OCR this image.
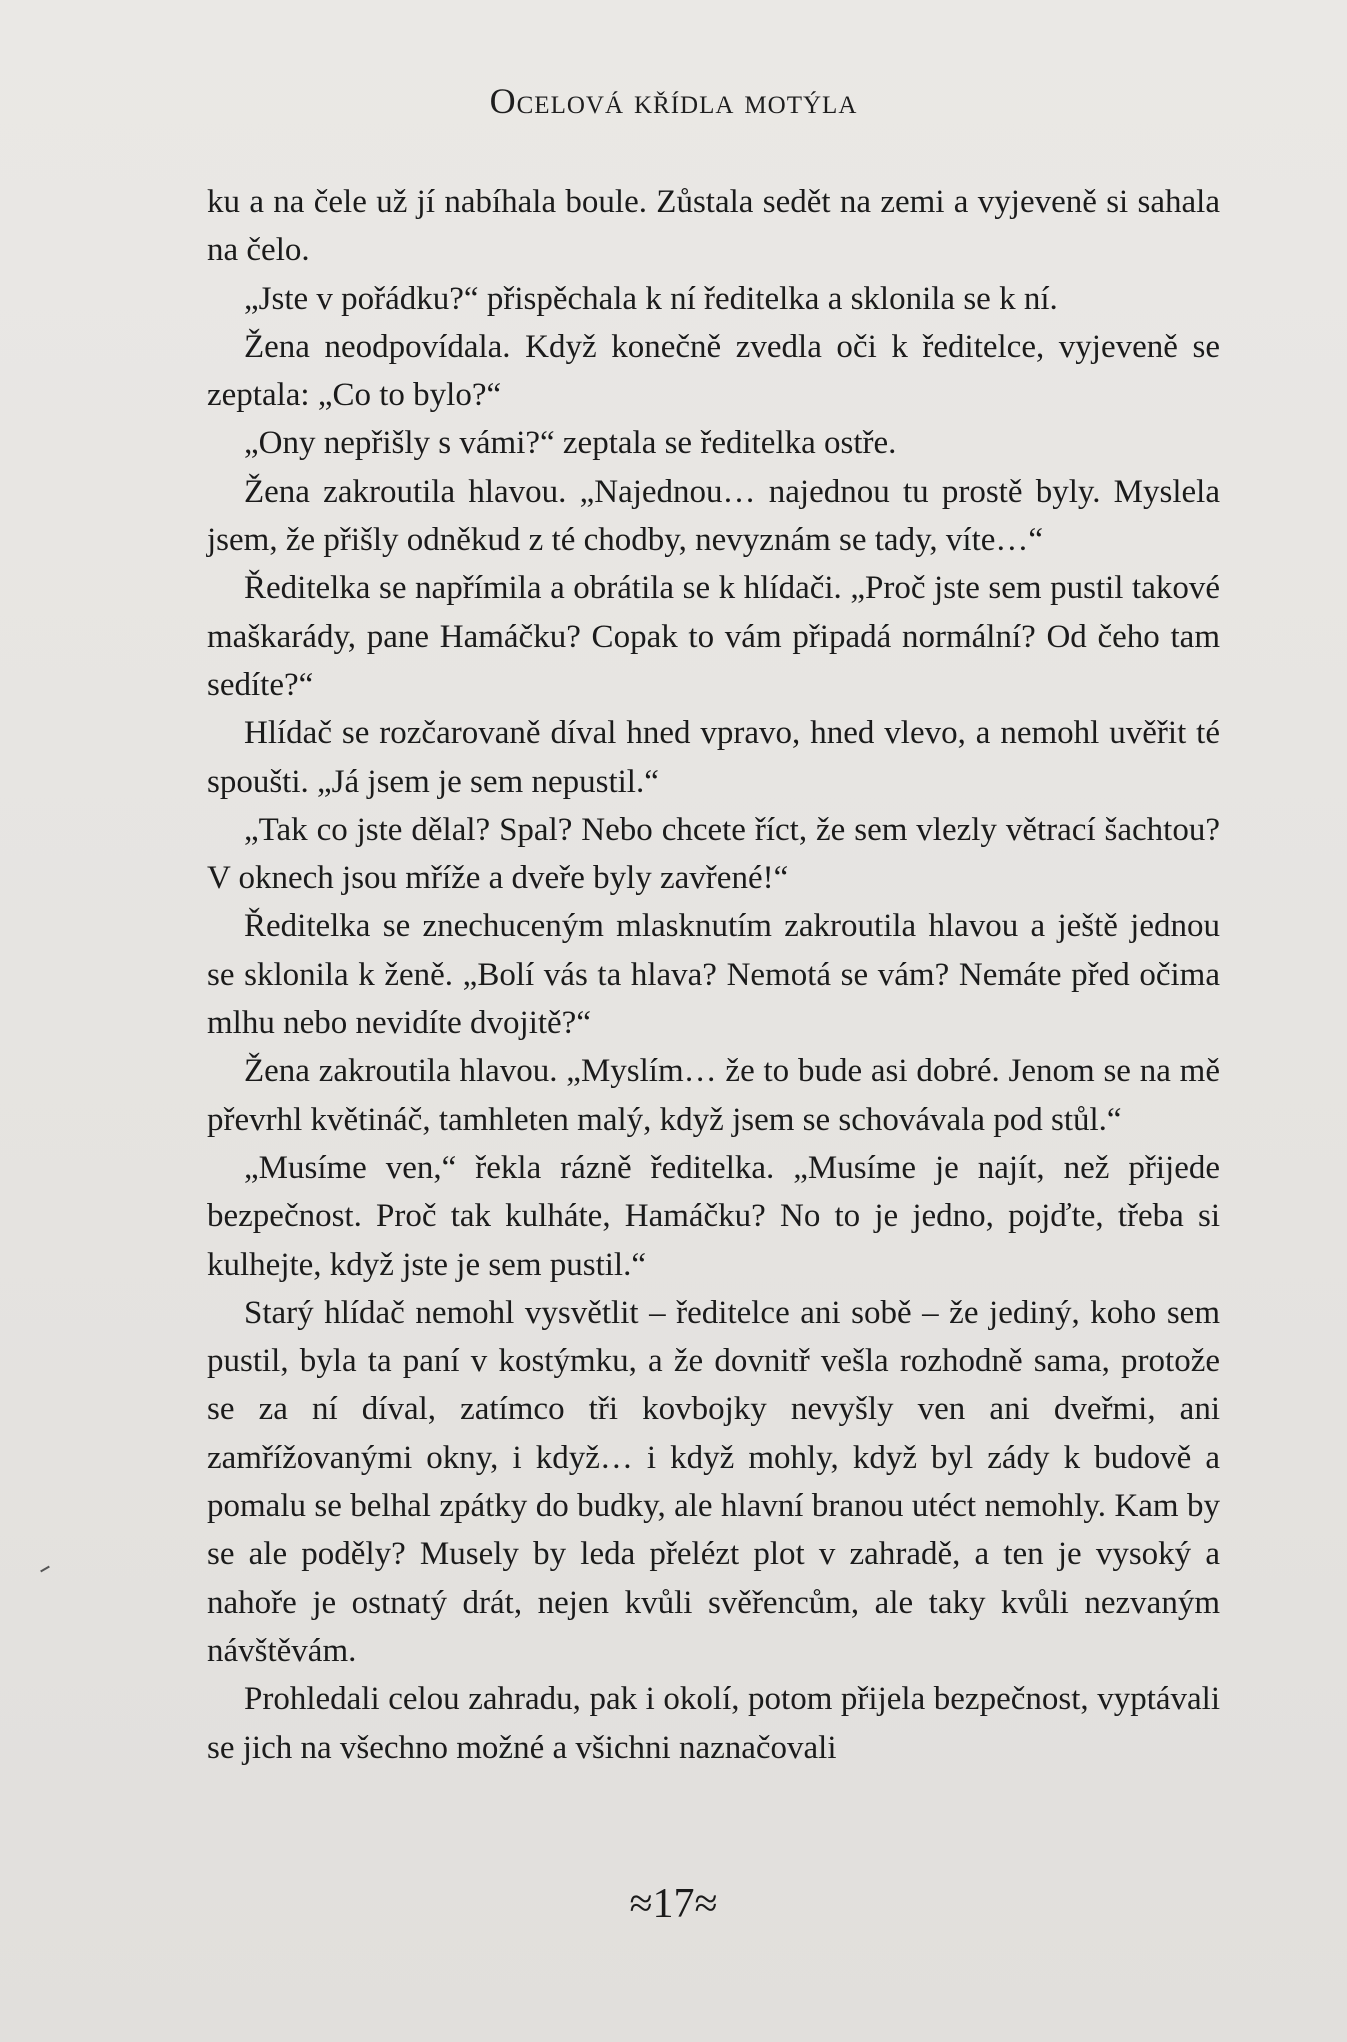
Ocelová křídla motýla

ku a na čele už jí nabíhala boule. Zůstala sedět na zemi a vyjeveně si sahala na čelo.

„Jste v pořádku?“ přispěchala k ní ředitelka a sklonila se k ní.

Žena neodpovídala. Když konečně zvedla oči k ředitelce, vyjeveně se zeptala: „Co to bylo?“

„Ony nepřišly s vámi?“ zeptala se ředitelka ostře.

Žena zakroutila hlavou. „Najednou… najednou tu prostě byly. Myslela jsem, že přišly odněkud z té chodby, nevyznám se tady, víte…“

Ředitelka se napřímila a obrátila se k hlídači. „Proč jste sem pustil takové maškarády, pane Hamáčku? Copak to vám připadá normální? Od čeho tam sedíte?“

Hlídač se rozčarovaně díval hned vpravo, hned vlevo, a nemohl uvěřit té spoušti. „Já jsem je sem nepustil.“

„Tak co jste dělal? Spal? Nebo chcete říct, že sem vlezly větrací šachtou? V oknech jsou mříže a dveře byly zavřené!“

Ředitelka se znechuceným mlasknutím zakroutila hlavou a ještě jednou se sklonila k ženě. „Bolí vás ta hlava? Nemotá se vám? Nemáte před očima mlhu nebo nevidíte dvojitě?“

Žena zakroutila hlavou. „Myslím… že to bude asi dobré. Jenom se na mě převrhl květináč, tamhleten malý, když jsem se schovávala pod stůl.“

„Musíme ven,“ řekla rázně ředitelka. „Musíme je najít, než přijede bezpečnost. Proč tak kulháte, Hamáčku? No to je jedno, pojďte, třeba si kulhejte, když jste je sem pustil.“

Starý hlídač nemohl vysvětlit – ředitelce ani sobě – že jediný, koho sem pustil, byla ta paní v kostýmku, a že dovnitř vešla rozhodně sama, protože se za ní díval, zatímco tři kovbojky nevyšly ven ani dveřmi, ani zamřížovanými okny, i když… i když mohly, když byl zády k budově a pomalu se belhal zpátky do budky, ale hlavní branou utéct nemohly. Kam by se ale poděly? Musely by leda přelézt plot v zahradě, a ten je vysoký a nahoře je ostnatý drát, nejen kvůli svěřencům, ale taky kvůli nezvaným návštěvám.

Prohledali celou zahradu, pak i okolí, potom přijela bezpečnost, vyptávali se jich na všechno možné a všichni naznačovali

≈17≈
